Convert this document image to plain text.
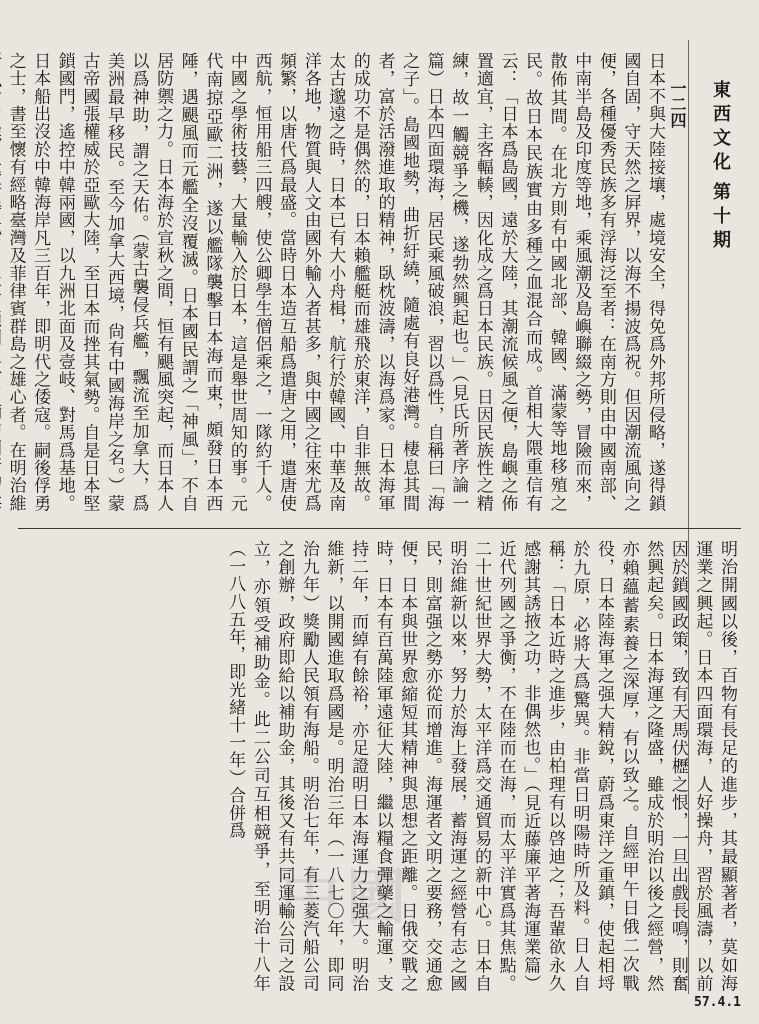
東西文化 第十期
一二四
日本不與大陸接壤，處境安全，得免爲外邦所侵略，遂得鎖國自固，守天然之屛界，以海不揚波爲祝。但因潮流風向之便，各種優秀民族多有浮海泛至者：在南方則由中國南部、中南半島及印度等地，乘風潮及島嶼聯綴之勢，冒險而來，散佈其間。在北方則有中國北部、韓國、滿蒙等地移殖之民。故日本民族實由多種之血混合而成。首相大隈重信有云：「日本爲島國，遠於大陸，其潮流候風之便，島嶼之佈置適宜，主客輻輳，因化成之爲日本民族。日因民族性之精練，故一觸競爭之機，遂勃然興起也。」（見氏所著序論一篇）日本四面環海，居民乘風破浪，習以爲性，自稱曰「海之子」。島國地勢，曲折紆繞，隨處有良好港灣。棲息其間者，富於活潑進取的精神，臥枕波濤，以海爲家。日本海軍的成功不是偶然的，日本賴艦艇而雄飛於東洋，自非無故。太古邈遠之時，日本已有大小舟楫，航行於韓國、中華及南洋各地，物質與人文由國外輸入者甚多，與中國之往來尤爲頻繁，以唐代爲最盛。當時日本造互船爲遣唐之用，遣唐使西航，恒用船三四艘，使公卿學生僧侶乘之，一隊約千人。中國之學術技藝，大量輸入於日本，這是舉世周知的事。元代南掠亞歐二洲，遂以艦隊襲擊日本海而東，頗發日本西陲，遇颶風而元艦全沒覆滅。日本國民謂之「神風」，不自居防禦之力。日本海於宣秋之間，恒有颶風突起，而日本人以爲神助，謂之天佑。（蒙古襲侵兵艦，飄流至加拿大，爲美洲最早移民。至今加拿大西境，尙有中國海岸之名。）蒙古帝國張權威於亞歐大陸，至日本而挫其氣勢。自是日本堅鎖國門，遙控中韓兩國，以九洲北面及壹岐、對馬爲基地。日本船出沒於中韓海岸凡三百年，即明代之倭寇。嗣後俘勇之士，書至懷有經略臺灣及菲律賓群島之雄心者。在明治維
明治開國以後，百物有長足的進步，其最顯著者，莫如海運業之興起。日本四面環海，人好操舟，習於風濤，以前因於鎖國政策，致有天馬伏櫪之恨，一旦出戲長鳴，則奮然興起矣。日本海運之隆盛，雖成於明治以後之經營，然亦賴蘊蓄素養之深厚，有以致之。自經甲午日俄二次戰役，日本陸海軍之强大精銳，蔚爲東洋之重鎮，使起相埒於九原，必將大爲驚異。非當日明陽時所及料。日人自稱：「日本近時之進步，由柏理有以啓迪之；吾輩欲永久感謝其誘掖之功，非偶然也。」（見近藤廉平著海運業篇）近代列國之爭衡，不在陸而在海，而太平洋實爲其焦點。二十世紀世界大勢，太平洋爲交通貿易的新中心。日本自明治維新以來，努力於海上發展，蓄海運之經營有志之國民，則富强之勢亦從而增進。海運者文明之要務，交通愈便，日本與世界愈縮短其精神與思想之距離。日俄交戰之時，日本有百萬陸軍遠征大陸，繼以糧食彈藥之輸運，支持二年，而綽有餘裕，亦足證明日本海運力之强大。明治維新，以開國進取爲國是。明治三年（一八七〇年，即同治九年）獎勵人民領有海船。明治七年，有三菱汽船公司之創辦，政府即給以補助金，其後又有共同運輸公司之設立，亦領受補助金。此二公司互相競爭，至明治十八年（一八八五年，即光緒十一年）合併爲
中國
57.4.1
